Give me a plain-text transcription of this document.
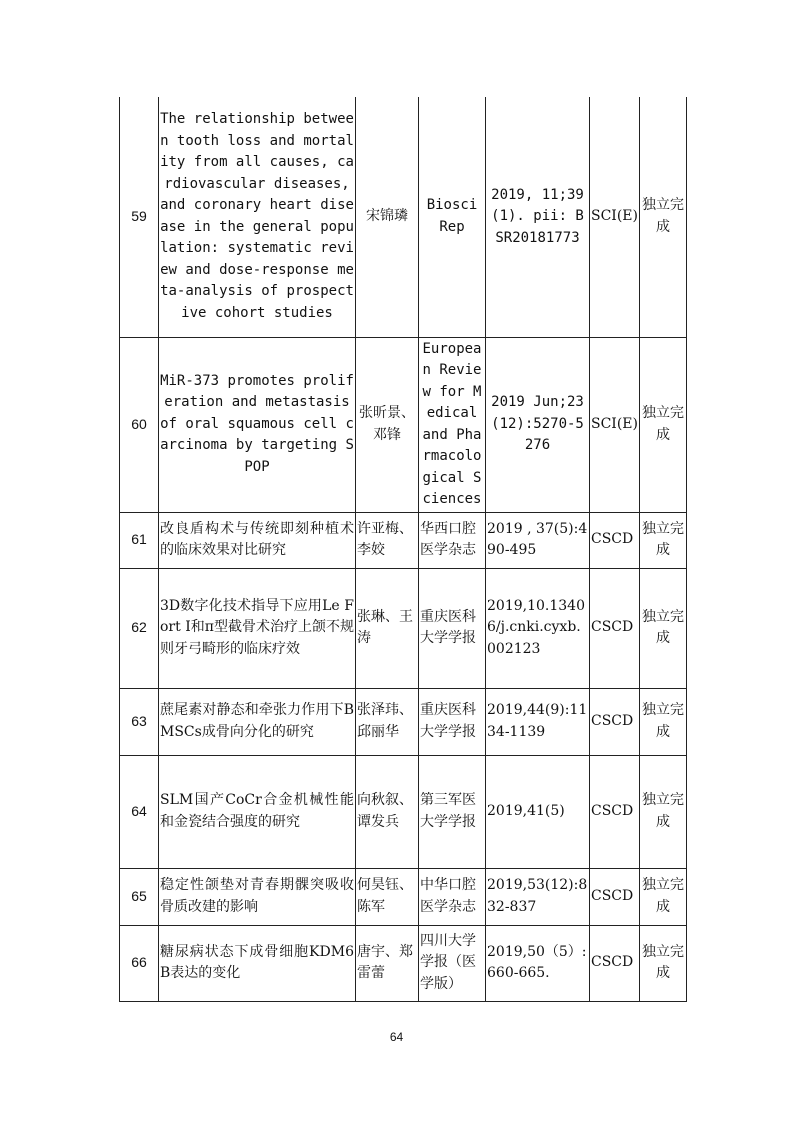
59	The relationship between tooth loss and mortality from all causes, cardiovascular diseases, and coronary heart disease in the general population: systematic review and dose-response meta-analysis of prospective cohort studies	宋锦璘	Biosci Rep	2019, 11;39(1). pii: BSR20181773	SCI(E)	独立完成
60	MiR-373 promotes proliferation and metastasis of oral squamous cell carcinoma by targeting SPOP	张昕景、邓锋	European Review for Medical and Pharmacological Sciences	2019 Jun;23(12):5270-5276	SCI(E)	独立完成
61	改良盾构术与传统即刻种植术的临床效果对比研究	许亚梅、李姣	华西口腔医学杂志	2019 , 37(5):490-495	CSCD	独立完成
62	3D数字化技术指导下应用Le Fort I和π型截骨术治疗上颌不规则牙弓畸形的临床疗效	张琳、王涛	重庆医科大学学报	2019,10.13406/j.cnki.cyxb.002123	CSCD	独立完成
63	蔗尾素对静态和牵张力作用下BMSCs成骨向分化的研究	张泽玮、邱丽华	重庆医科大学学报	2019,44(9):1134-1139	CSCD	独立完成
64	SLM国产CoCr合金机械性能和金瓷结合强度的研究	向秋叙、谭发兵	第三军医大学学报	2019,41(5)	CSCD	独立完成
65	稳定性颌垫对青春期髁突吸收骨质改建的影响	何昊钰、陈军	中华口腔医学杂志	2019,53(12):832-837	CSCD	独立完成
66	糖尿病状态下成骨细胞KDM6B表达的变化	唐宇、郑雷蕾	四川大学学报（医学版）	2019,50（5）:660-665.	CSCD	独立完成
64
